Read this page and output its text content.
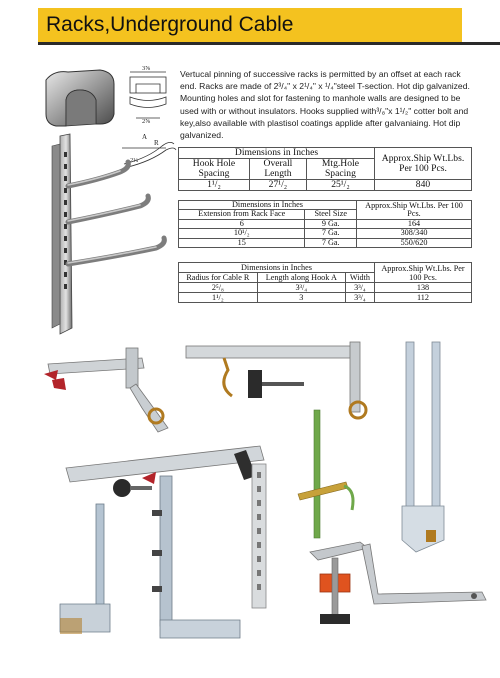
Racks,Underground Cable
3⅝
2⅝
A
R
2¼
Vertucal pinning of successive racks is permitted by an offset at each rack end. Racks are made of 2³/₄" x 2¹/₄" x ¹/₄"steel T-section. Hot dip galvanized. Mounting holes and slot for fastening to manhole walls are designed to be used with or without insulators. Hooks supplied with³/₈"x 1¹/₂" cotter bolt and key,also available with plastisol coatings applide after galvaniaing. Hot dip galvanized.
Dimensions in Inches			Approx.Ship Wt.Lbs. Per 100 Pcs.
Hook Hole Spacing	Overall Length	Mtg.Hole Spacing	
1¹/₂	27¹/₂	25¹/₂	840
Dimensions in Inches		Approx.Ship Wt.Lbs. Per 100 Pcs.
Extension from Rack Face	Steel Size	
6	9 Ga.	164
10¹/₂	7 Ga.	308/340
15	7 Ga.	550/620
Dimensions in Inches			Approx.Ship Wt.Lbs. Per 100 Pcs.
Radius for Cable R	Length along Hook A	Width	
2⁵/₈	3³/₄	3³/₄	138
1¹/₂	3	3³/₄	112
